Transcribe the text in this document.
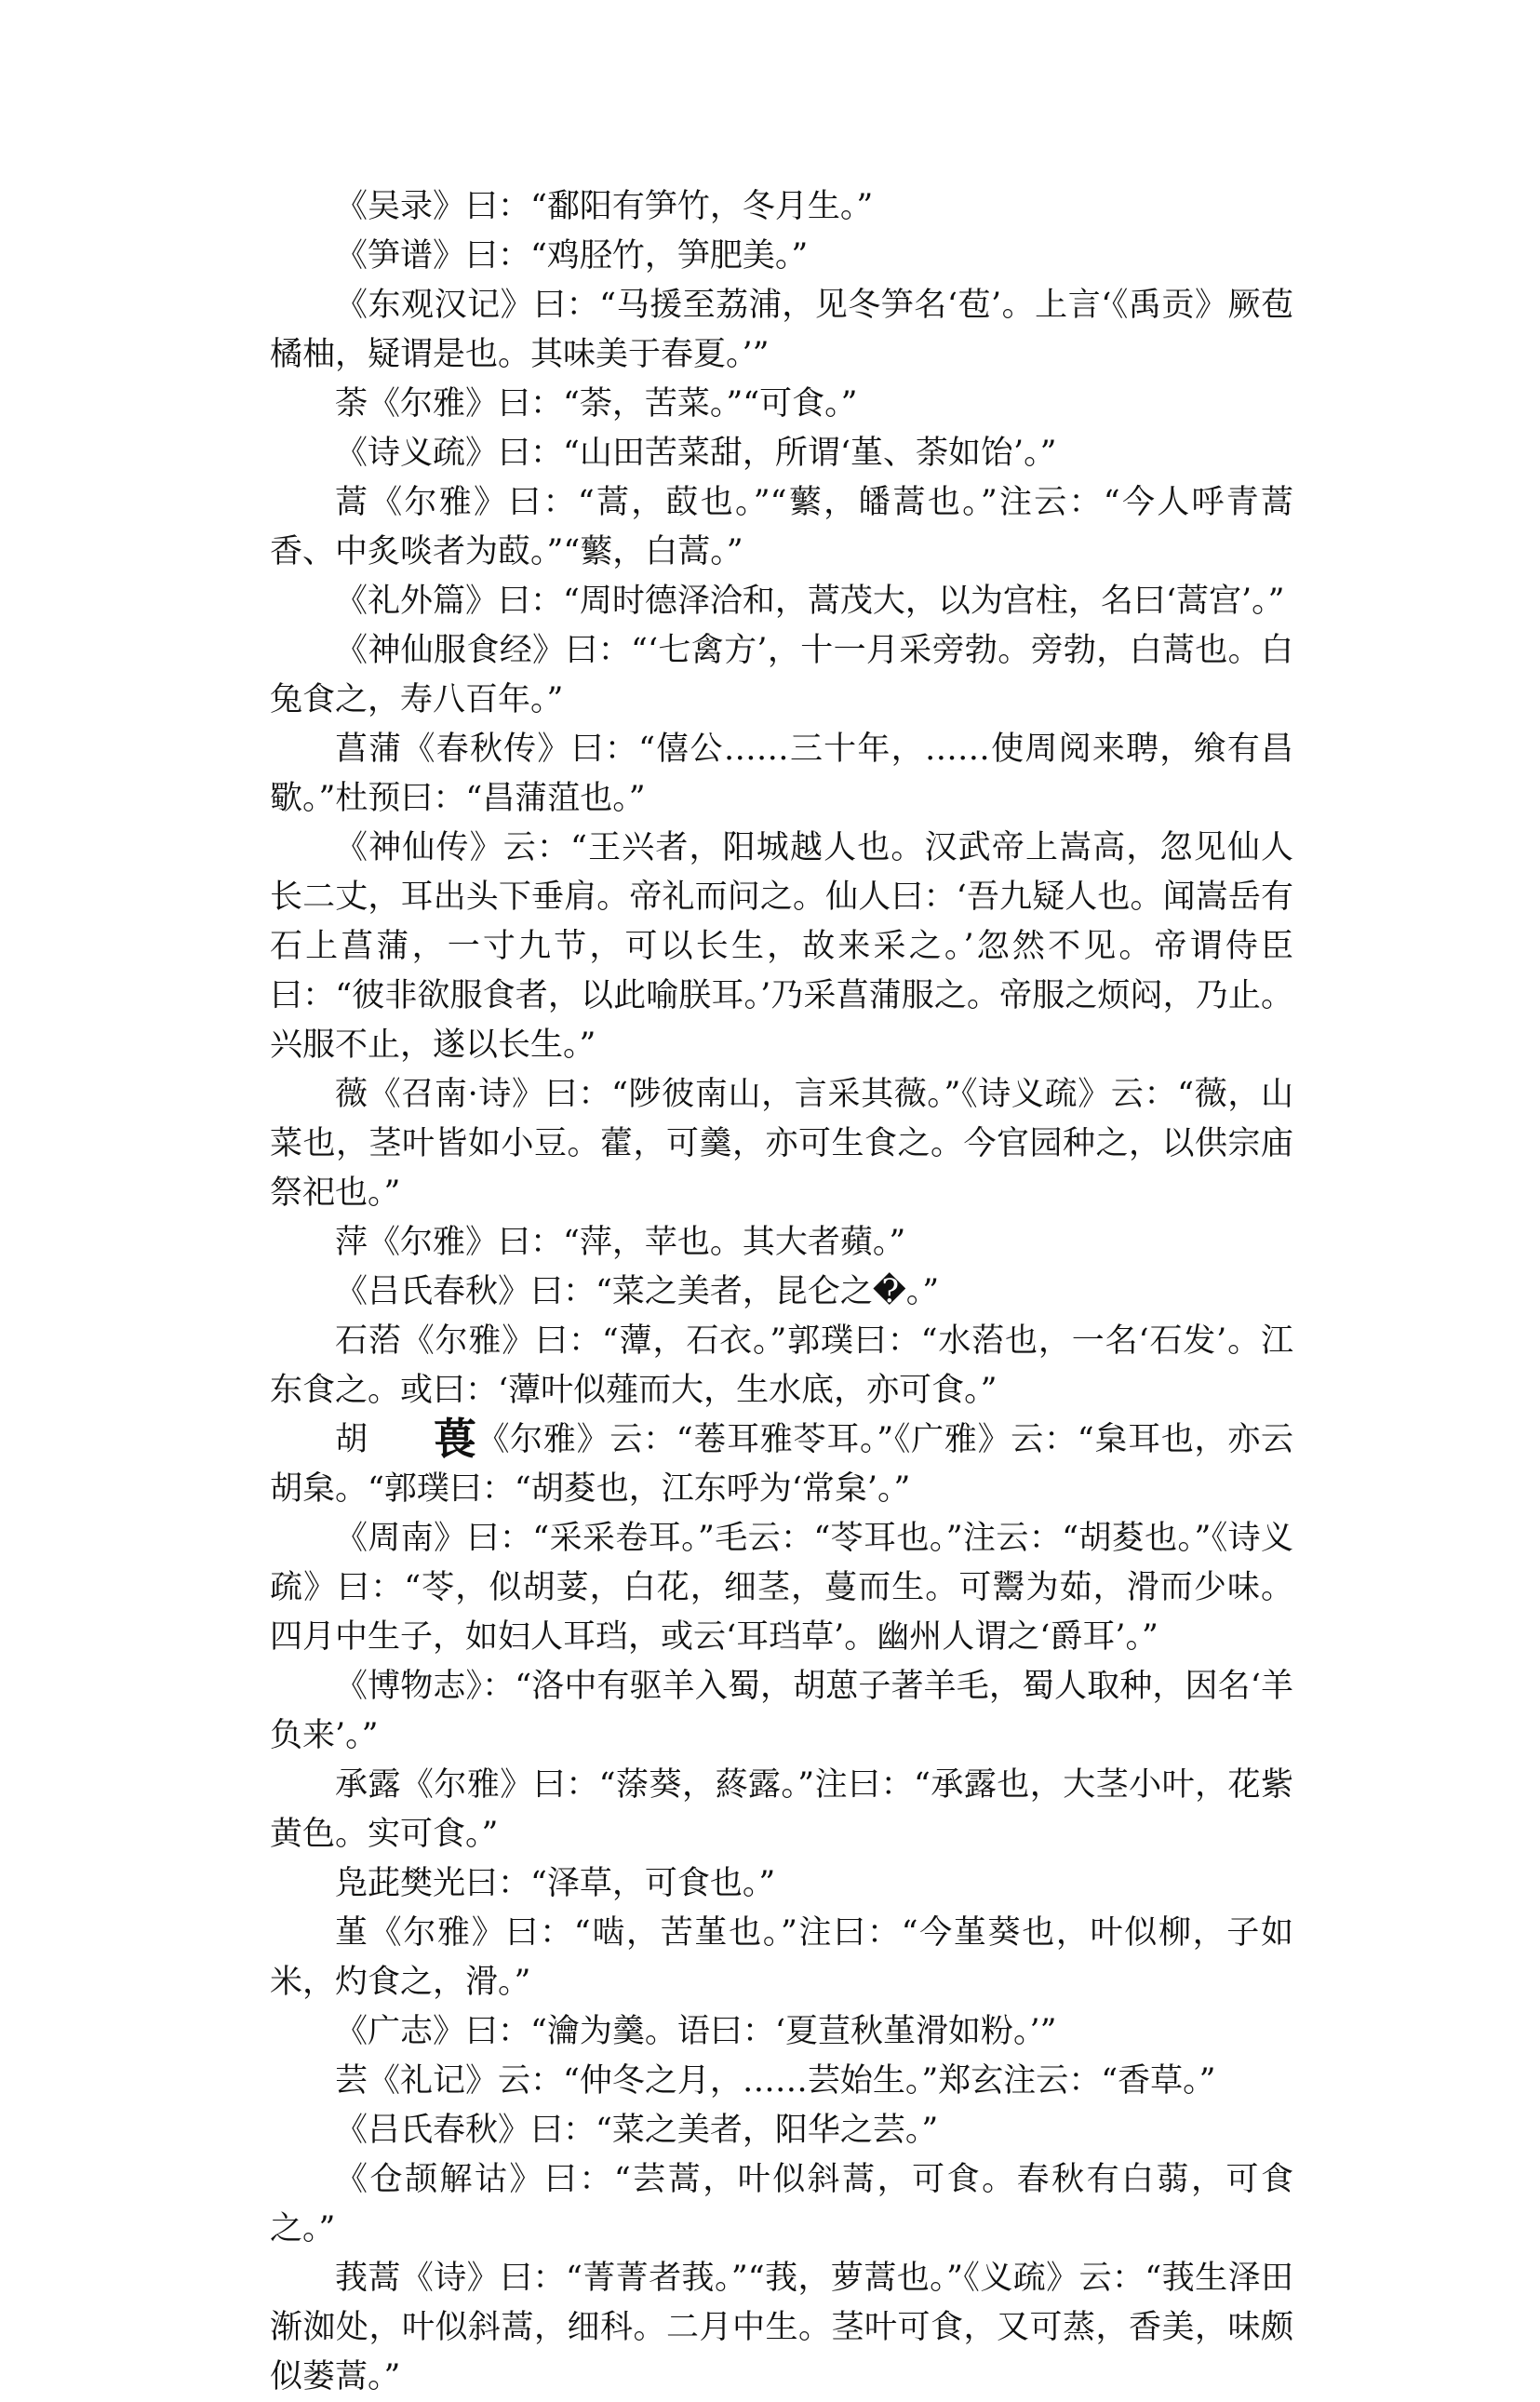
《吴录》曰：“鄱阳有笋竹，冬月生。”

《笋谱》曰：“鸡胫竹，笋肥美。”

《东观汉记》曰：“马援至荔浦，见冬笋名‘苞’。上言‘《禹贡》厥苞橘柚，疑谓是也。其味美于春夏。’”

荼《尔雅》曰：“荼，苦菜。”“可食。”

《诗义疏》曰：“山田苦菜甜，所谓‘堇、荼如饴’。”

蒿《尔雅》曰：“蒿，菣也。”“蘩，皤蒿也。”注云：“今人呼青蒿香、中炙啖者为菣。”“蘩，白蒿。”

《礼外篇》曰：“周时德泽洽和，蒿茂大，以为宫柱，名曰‘蒿宫’。”

《神仙服食经》曰：“‘七禽方’，十一月采旁勃。旁勃，白蒿也。白兔食之，寿八百年。”

菖蒲《春秋传》曰：“僖公……三十年，……使周阅来聘，飨有昌歜。”杜预曰：“昌蒲菹也。”

《神仙传》云：“王兴者，阳城越人也。汉武帝上嵩高，忽见仙人长二丈，耳出头下垂肩。帝礼而问之。仙人曰：‘吾九疑人也。闻嵩岳有石上菖蒲，一寸九节，可以长生，故来采之。’忽然不见。帝谓侍臣曰：“彼非欲服食者，以此喻朕耳。’乃采菖蒲服之。帝服之烦闷，乃止。兴服不止，遂以长生。”

薇《召南·诗》曰：“陟彼南山，言采其薇。”《诗义疏》云：“薇，山菜也，茎叶皆如小豆。藿，可羹，亦可生食之。今官园种之，以供宗庙祭祀也。”

萍《尔雅》曰：“萍，苹也。其大者蘋。”

《吕氏春秋》曰：“菜之美者，昆仑之�。”

石菭《尔雅》曰：“藫，石衣。”郭璞曰：“水菭也，一名‘石发’。江东食之。或曰：‘藫叶似薤而大，生水底，亦可食。”

胡 葨《尔雅》云：“菤耳雅苓耳。”《广雅》云：“枲耳也，亦云胡枲。“郭璞曰：“胡荾也，江东呼为‘常枲’。”

《周南》曰：“采采卷耳。”毛云：“苓耳也。”注云：“胡荾也。”《诗义疏》曰：“苓，似胡荽，白花，细茎，蔓而生。可鬻为茹，滑而少味。四月中生子，如妇人耳珰，或云‘耳珰草’。幽州人谓之‘爵耳’。”

《博物志》：“洛中有驱羊入蜀，胡葸子著羊毛，蜀人取种，因名‘羊负来’。”

承露《尔雅》曰：“蒤葵，蔠露。”注曰：“承露也，大茎小叶，花紫黄色。实可食。”

凫茈樊光曰：“泽草，可食也。”

堇《尔雅》曰：“啮，苦堇也。”注曰：“今堇葵也，叶似柳，子如米，灼食之，滑。”

《广志》曰：“瀹为羹。语曰：‘夏荁秋堇滑如粉。’”

芸《礼记》云：“仲冬之月，……芸始生。”郑玄注云：“香草。”

《吕氏春秋》曰：“菜之美者，阳华之芸。”

《仓颉解诂》曰：“芸蒿，叶似斜蒿，可食。春秋有白蒻，可食之。”

莪蒿《诗》曰：“菁菁者莪。”“莪，萝蒿也。”《义疏》云：“莪生泽田渐洳处，叶似斜蒿，细科。二月中生。茎叶可食，又可蒸，香美，味颇似蒌蒿。”
